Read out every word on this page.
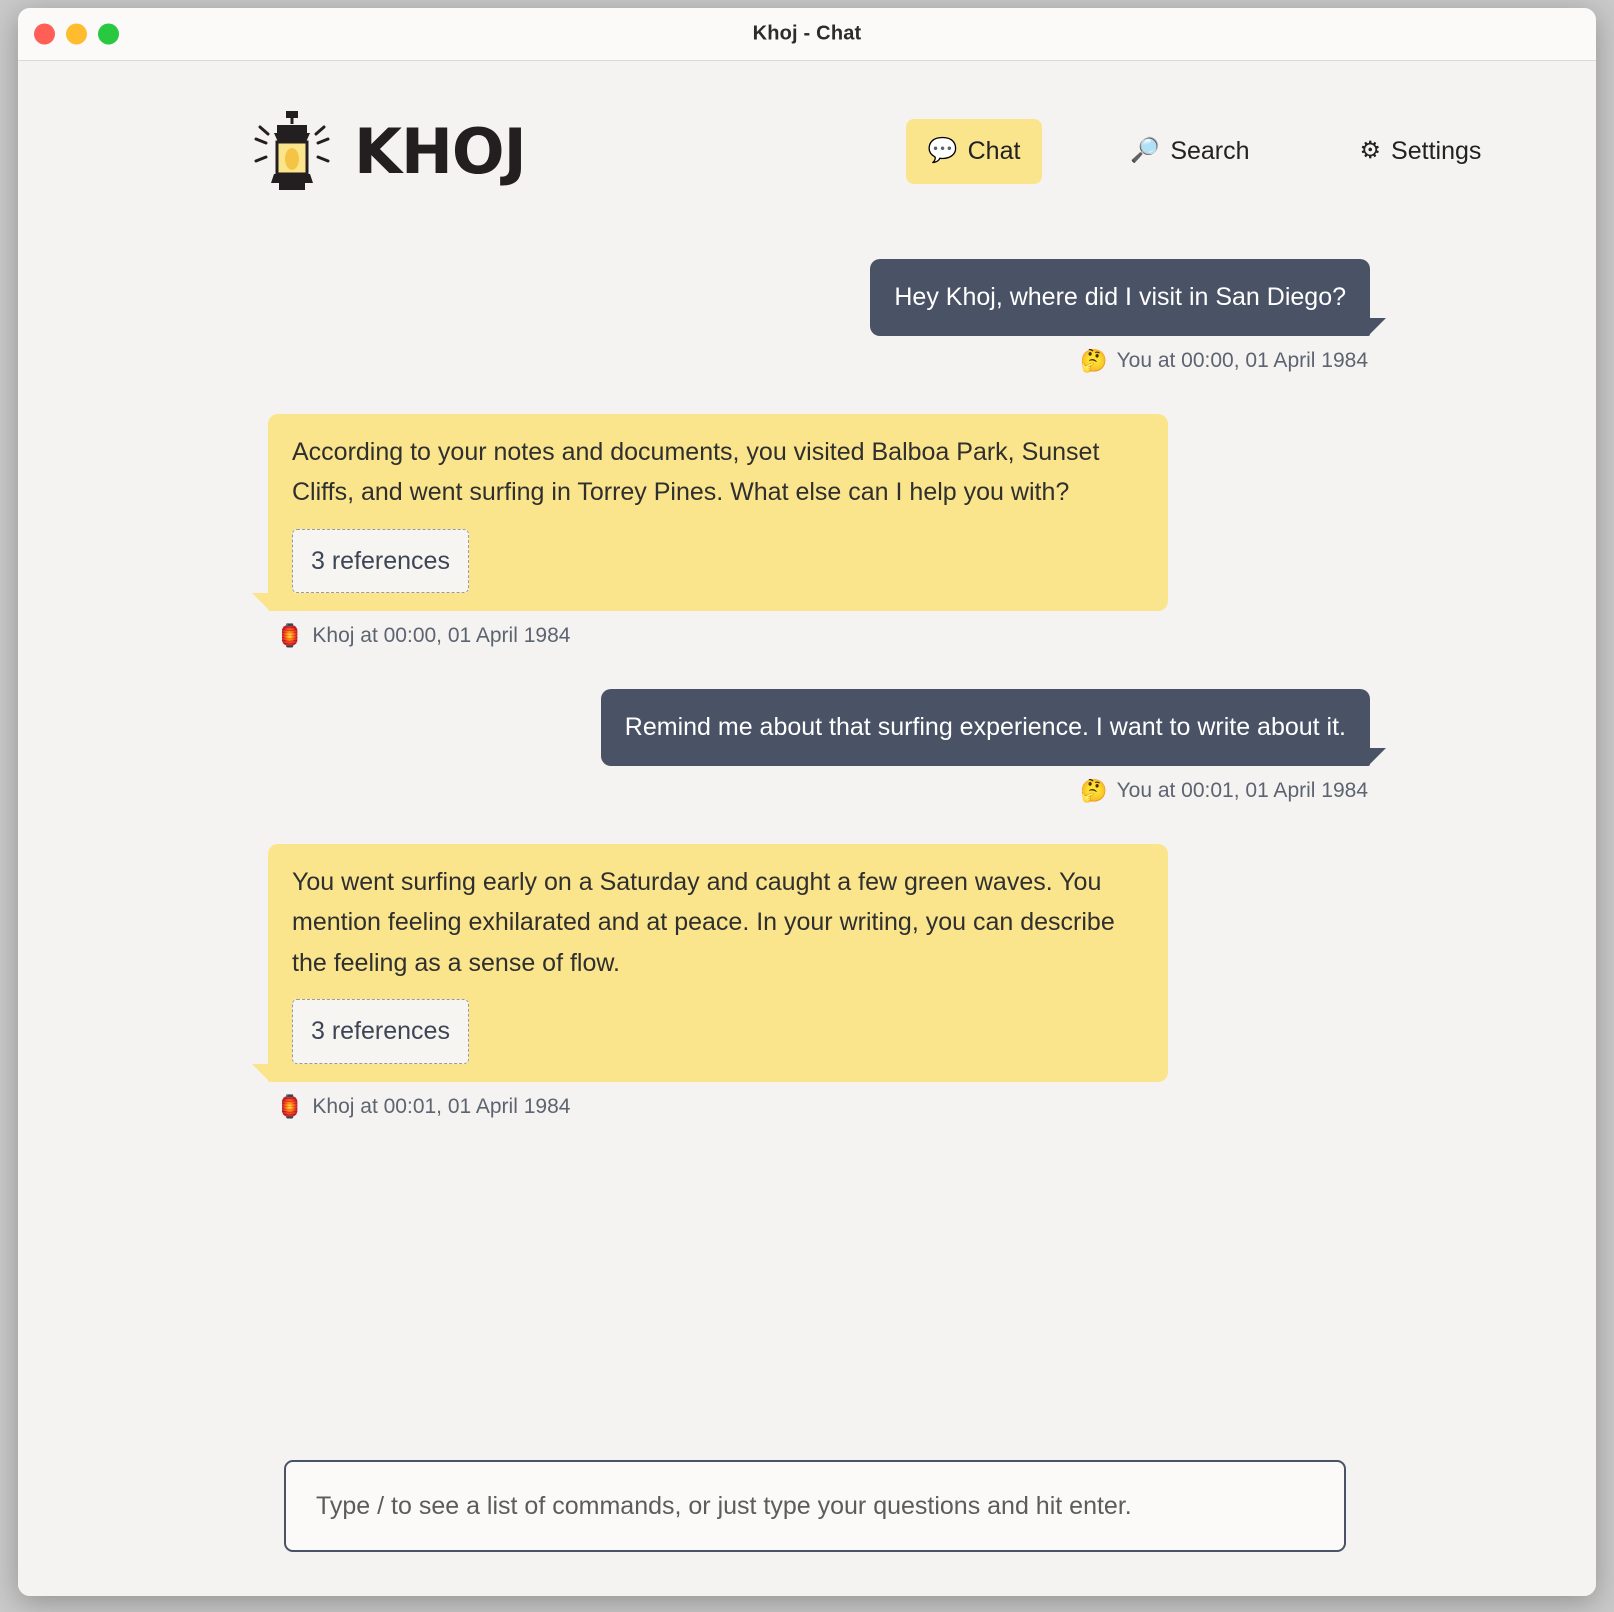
Khoj - Chat
KHOJ	💬 Chat	🔎 Search	⚙ Settings
Hey Khoj, where did I visit in San Diego?
🤔 You at 00:00, 01 April 1984
According to your notes and documents, you visited Balboa Park, Sunset Cliffs, and went surfing in Torrey Pines. What else can I help you with?
3 references
🏮 Khoj at 00:00, 01 April 1984
Remind me about that surfing experience. I want to write about it.
🤔 You at 00:01, 01 April 1984
You went surfing early on a Saturday and caught a few green waves. You mention feeling exhilarated and at peace. In your writing, you can describe the feeling as a sense of flow.
3 references
🏮 Khoj at 00:01, 01 April 1984
Type / to see a list of commands, or just type your questions and hit enter.
